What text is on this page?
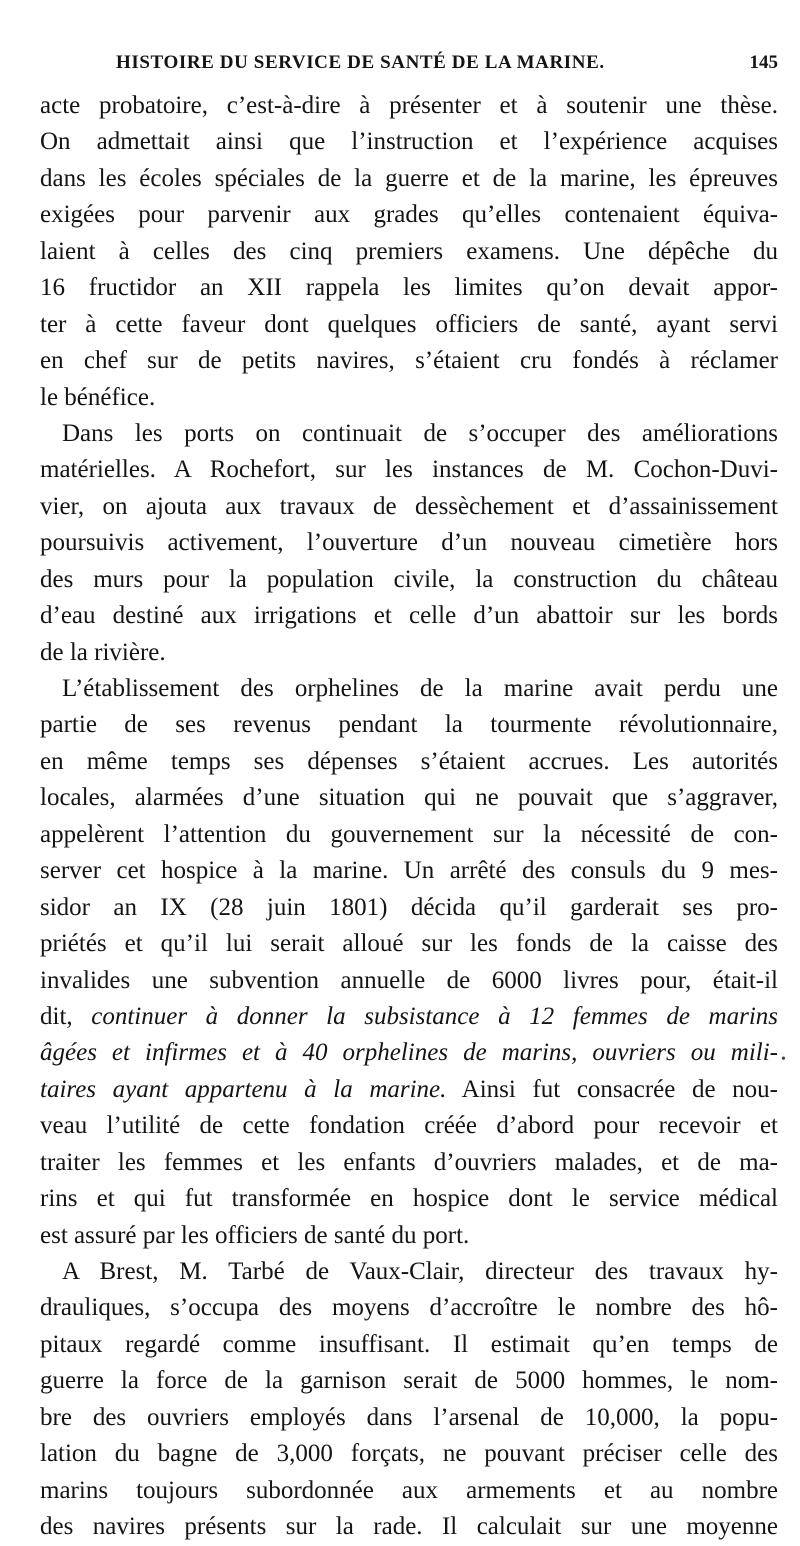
HISTOIRE DU SERVICE DE SANTÉ DE LA MARINE.	145
acte probatoire, c’est-à-dire à présenter et à soutenir une thèse.
On admettait ainsi que l’instruction et l’expérience acquises
dans les écoles spéciales de la guerre et de la marine, les épreuves
exigées pour parvenir aux grades qu’elles contenaient équiva-
laient à celles des cinq premiers examens. Une dépêche du
16 fructidor an XII rappela les limites qu’on devait appor-
ter à cette faveur dont quelques officiers de santé, ayant servi
en chef sur de petits navires, s’étaient cru fondés à réclamer
le bénéfice.
Dans les ports on continuait de s’occuper des améliorations
matérielles. A Rochefort, sur les instances de M. Cochon-Duvi-
vier, on ajouta aux travaux de dessèchement et d’assainissement
poursuivis activement, l’ouverture d’un nouveau cimetière hors
des murs pour la population civile, la construction du château
d’eau destiné aux irrigations et celle d’un abattoir sur les bords
de la rivière.
L’établissement des orphelines de la marine avait perdu une
partie de ses revenus pendant la tourmente révolutionnaire,
en même temps ses dépenses s’étaient accrues. Les autorités
locales, alarmées d’une situation qui ne pouvait que s’aggraver,
appelèrent l’attention du gouvernement sur la nécessité de con-
server cet hospice à la marine. Un arrêté des consuls du 9 mes-
sidor an IX (28 juin 1801) décida qu’il garderait ses pro-
priétés et qu’il lui serait alloué sur les fonds de la caisse des
invalides une subvention annuelle de 6000 livres pour, était-il
dit, continuer à donner la subsistance à 12 femmes de marins
âgées et infirmes et à 40 orphelines de marins, ouvriers ou mili-
taires ayant appartenu à la marine. Ainsi fut consacrée de nou-
veau l’utilité de cette fondation créée d’abord pour recevoir et
traiter les femmes et les enfants d’ouvriers malades, et de ma-
rins et qui fut transformée en hospice dont le service médical
est assuré par les officiers de santé du port.
A Brest, M. Tarbé de Vaux-Clair, directeur des travaux hy-
drauliques, s’occupa des moyens d’accroître le nombre des hô-
pitaux regardé comme insuffisant. Il estimait qu’en temps de
guerre la force de la garnison serait de 5000 hommes, le nom-
bre des ouvriers employés dans l’arsenal de 10,000, la popu-
lation du bagne de 3,000 forçats, ne pouvant préciser celle des
marins toujours subordonnée aux armements et au nombre
des navires présents sur la rade. Il calculait sur une moyenne
•
